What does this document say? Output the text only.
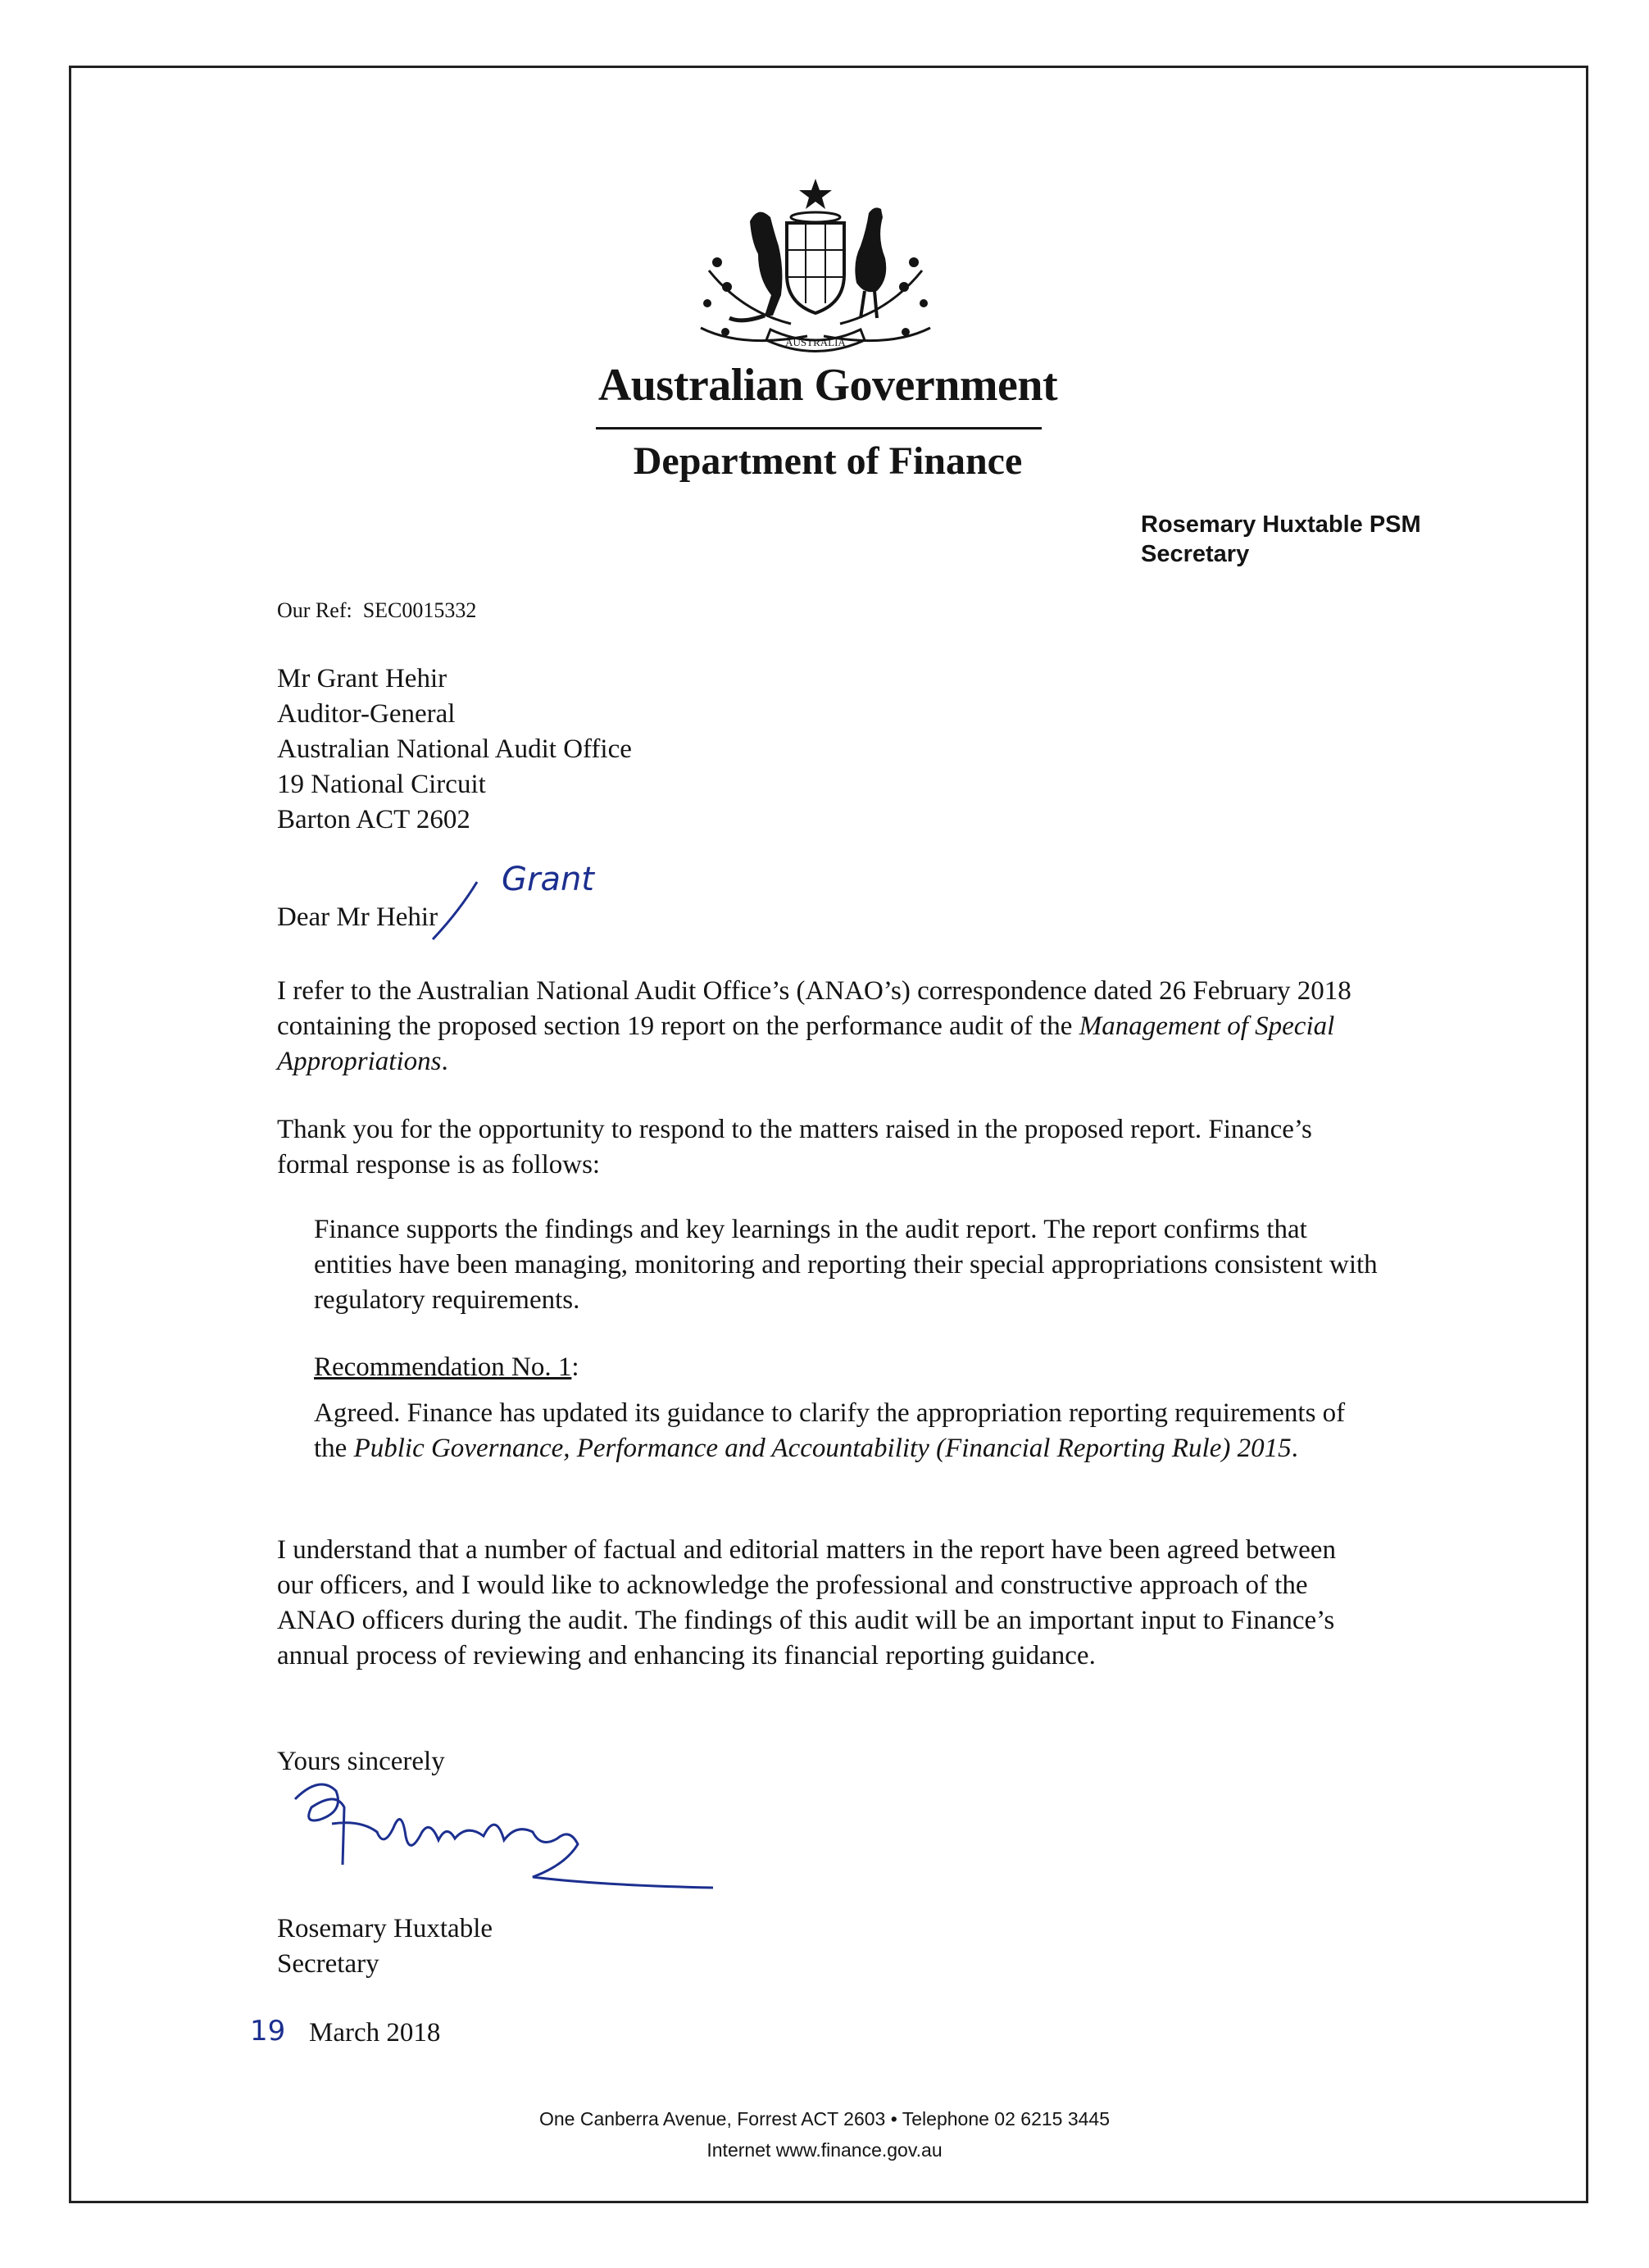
AUSTRALIA
Australian Government
Department of Finance
Rosemary Huxtable PSM
Secretary
Our Ref: SEC0015332
Mr Grant Hehir
Auditor-General
Australian National Audit Office
19 National Circuit
Barton ACT 2602
Dear Mr Hehir
Grant
I refer to the Australian National Audit Office’s (ANAO’s) correspondence dated 26 February 2018 containing the proposed section 19 report on the performance audit of the Management of Special Appropriations.
Thank you for the opportunity to respond to the matters raised in the proposed report. Finance’s formal response is as follows:
Finance supports the findings and key learnings in the audit report. The report confirms that entities have been managing, monitoring and reporting their special appropriations consistent with regulatory requirements.
Recommendation No. 1:
Agreed. Finance has updated its guidance to clarify the appropriation reporting requirements of the Public Governance, Performance and Accountability (Financial Reporting Rule) 2015.
I understand that a number of factual and editorial matters in the report have been agreed between our officers, and I would like to acknowledge the professional and constructive approach of the ANAO officers during the audit. The findings of this audit will be an important input to Finance’s annual process of reviewing and enhancing its financial reporting guidance.
Yours sincerely
Rosemary Huxtable
Secretary
19 March 2018
One Canberra Avenue, Forrest ACT 2603 • Telephone 02 6215 3445
Internet www.finance.gov.au
